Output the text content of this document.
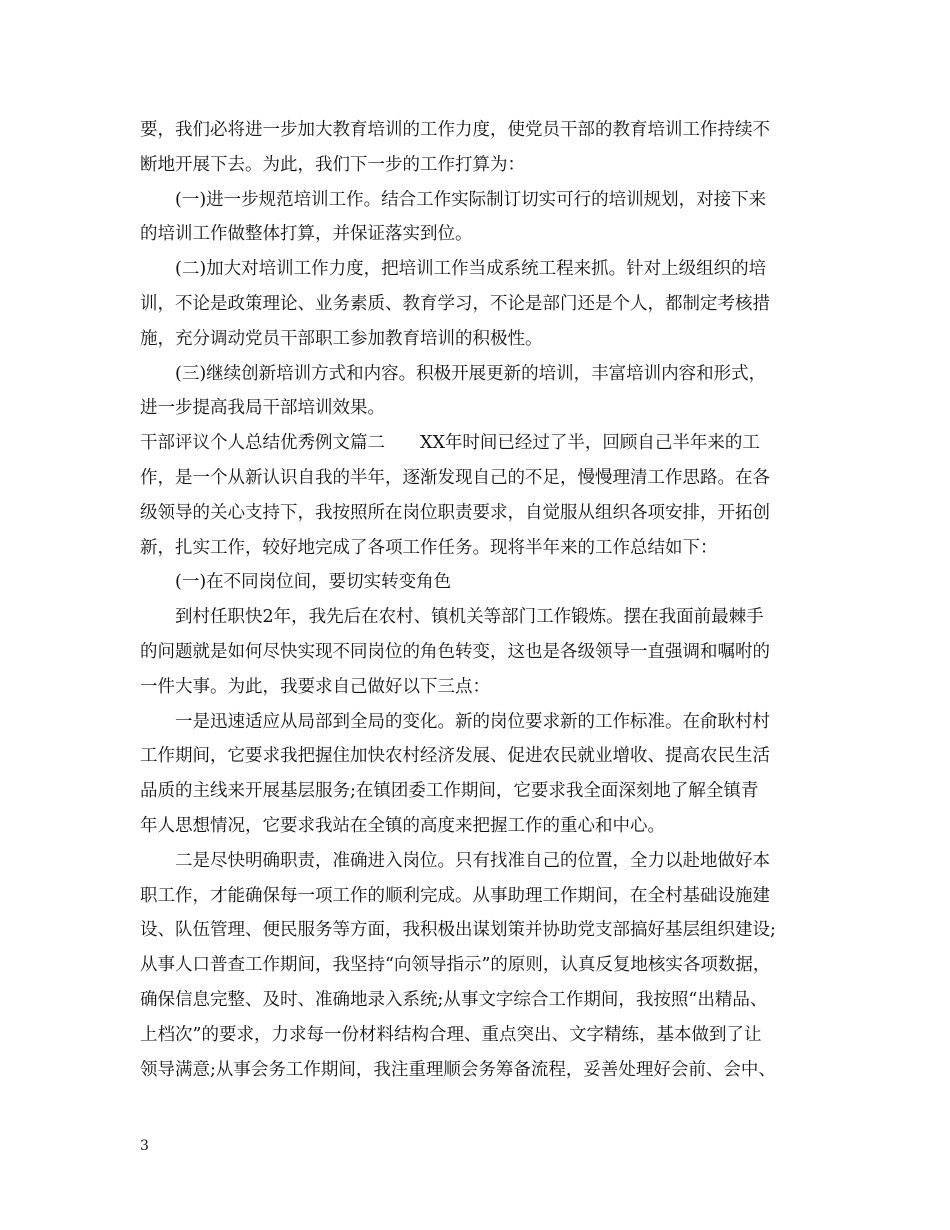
要，我们必将进一步加大教育培训的工作力度，使党员干部的教育培训工作持续不
断地开展下去。为此，我们下一步的工作打算为：
(一)进一步规范培训工作。结合工作实际制订切实可行的培训规划，对接下来
的培训工作做整体打算，并保证落实到位。
(二)加大对培训工作力度，把培训工作当成系统工程来抓。针对上级组织的培
训，不论是政策理论、业务素质、教育学习，不论是部门还是个人，都制定考核措
施，充分调动党员干部职工参加教育培训的积极性。
(三)继续创新培训方式和内容。积极开展更新的培训，丰富培训内容和形式，
进一步提高我局干部培训效果。
干部评议个人总结优秀例文篇二　　XX年时间已经过了半，回顾自己半年来的工
作，是一个从新认识自我的半年，逐渐发现自己的不足，慢慢理清工作思路。在各
级领导的关心支持下，我按照所在岗位职责要求，自觉服从组织各项安排，开拓创
新，扎实工作，较好地完成了各项工作任务。现将半年来的工作总结如下：
(一)在不同岗位间，要切实转变角色
到村任职快2年，我先后在农村、镇机关等部门工作锻炼。摆在我面前最棘手
的问题就是如何尽快实现不同岗位的角色转变，这也是各级领导一直强调和嘱咐的
一件大事。为此，我要求自己做好以下三点：
一是迅速适应从局部到全局的变化。新的岗位要求新的工作标准。在俞耿村村
工作期间，它要求我把握住加快农村经济发展、促进农民就业增收、提高农民生活
品质的主线来开展基层服务;在镇团委工作期间，它要求我全面深刻地了解全镇青
年人思想情况，它要求我站在全镇的高度来把握工作的重心和中心。
二是尽快明确职责，准确进入岗位。只有找准自己的位置，全力以赴地做好本
职工作，才能确保每一项工作的顺利完成。从事助理工作期间，在全村基础设施建
设、队伍管理、便民服务等方面，我积极出谋划策并协助党支部搞好基层组织建设;
从事人口普查工作期间，我坚持“向领导指示”的原则，认真反复地核实各项数据，
确保信息完整、及时、准确地录入系统;从事文字综合工作期间，我按照“出精品、
上档次”的要求，力求每一份材料结构合理、重点突出、文字精练，基本做到了让
领导满意;从事会务工作期间，我注重理顺会务筹备流程，妥善处理好会前、会中、
3
